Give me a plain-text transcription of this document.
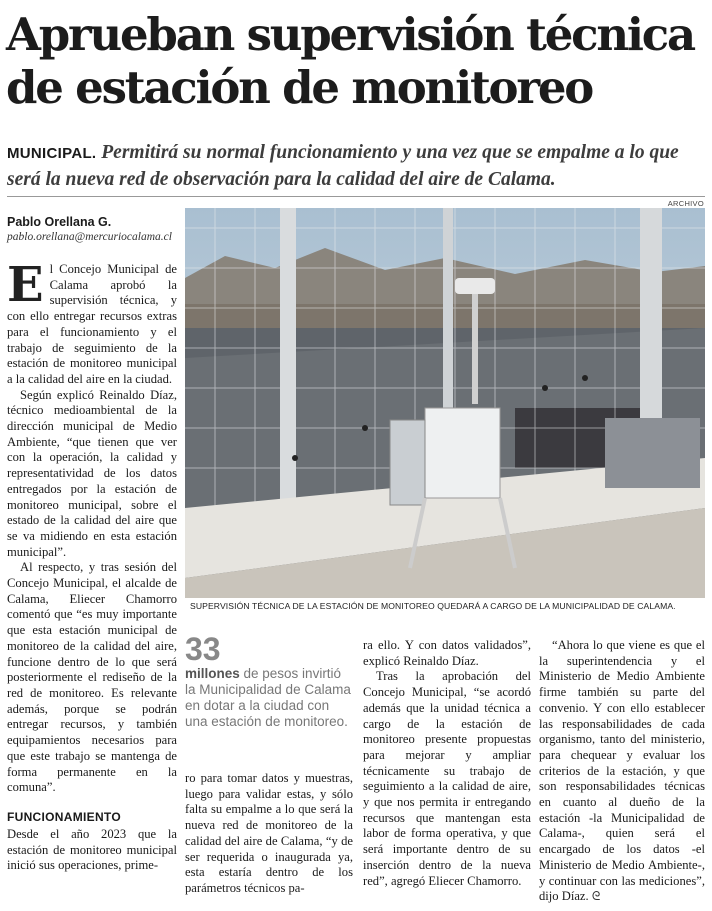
Aprueban supervisión técnica
de estación de monitoreo
MUNICIPAL. Permitirá su normal funcionamiento y una vez que se empalme a lo que será la nueva red de observación para la calidad del aire de Calama.
Pablo Orellana G.
pablo.orellana@mercuriocalama.cl
ARCHIVO
SUPERVISIÓN TÉCNICA DE LA ESTACIÓN DE MONITOREO QUEDARÁ A CARGO DE LA MUNICIPALIDAD DE CALAMA.

El Concejo Municipal de Calama aprobó la supervisión técnica, y con ello entregar recursos extras para el funcionamiento y el trabajo de seguimiento de la estación de monitoreo municipal a la calidad del aire en la ciudad.

Según explicó Reinaldo Díaz, técnico medioambiental de la dirección municipal de Medio Ambiente, “que tienen que ver con la operación, la calidad y representatividad de los datos entregados por la estación de monitoreo municipal, sobre el estado de la calidad del aire que se va midiendo en esta estación municipal”.

Al respecto, y tras sesión del Concejo Municipal, el alcalde de Calama, Eliecer Chamorro comentó que “es muy importante que esta estación municipal de monitoreo de la calidad del aire, funcione dentro de lo que será posteriormente el rediseño de la red de monitoreo. Es relevante además, porque se podrán entregar recursos, y también equipamientos necesarios para que este trabajo se mantenga de forma permanente en la comuna”.

FUNCIONAMIENTO

Desde el año 2023 que la estación de monitoreo municipal inició sus operaciones, prime-

33
millones de pesos invirtió la Municipalidad de Calama en dotar a la ciudad con una estación de monitoreo.

ro para tomar datos y muestras, luego para validar estas, y sólo falta su empalme a lo que será la nueva red de monitoreo de la calidad del aire de Calama, “y de ser requerida o inaugurada ya, esta estaría dentro de los parámetros técnicos pa-

ra ello. Y con datos validados”, explicó Reinaldo Díaz.

Tras la aprobación del Concejo Municipal, “se acordó además que la unidad técnica a cargo de la estación de monitoreo presente propuestas para mejorar y ampliar técnicamente su trabajo de seguimiento a la calidad de aire, y que nos permita ir entregando recursos que mantengan esta labor de forma operativa, y que será importante dentro de su inserción dentro de la nueva red”, agregó Eliecer Chamorro.

“Ahora lo que viene es que el la superintendencia y el Ministerio de Medio Ambiente firme también su parte del convenio. Y con ello establecer las responsabilidades de cada organismo, tanto del ministerio, para chequear y evaluar los criterios de la estación, y que son responsabilidades técnicas en cuanto al dueño de la estación -la Municipalidad de Calama-, quien será el encargado de los datos -el Ministerio de Medio Ambiente-, y continuar con las mediciones”, dijo Díaz. ᘓ
